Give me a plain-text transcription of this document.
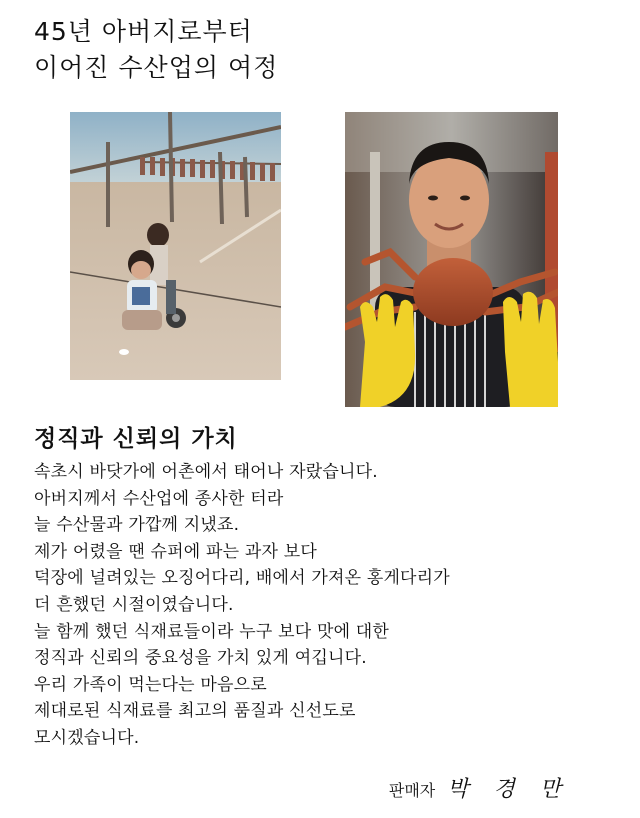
45년 아버지로부터
이어진 수산업의 여정
정직과 신뢰의 가치
속초시 바닷가에 어촌에서 태어나 자랐습니다.
아버지께서 수산업에 종사한 터라
늘 수산물과 가깝께 지냈죠.
제가 어렸을 땐 슈퍼에 파는 과자 보다
덕장에 널려있는 오징어다리, 배에서 가져온 홍게다리가
더 흔했던 시절이였습니다.
늘 함께 했던 식재료들이라 누구 보다 맛에 대한
정직과 신뢰의 중요성을 가치 있게 여깁니다.
우리 가족이 먹는다는 마음으로
제대로된 식재료를 최고의 품질과 신선도로
모시겠습니다.
판매자 박 경 만
